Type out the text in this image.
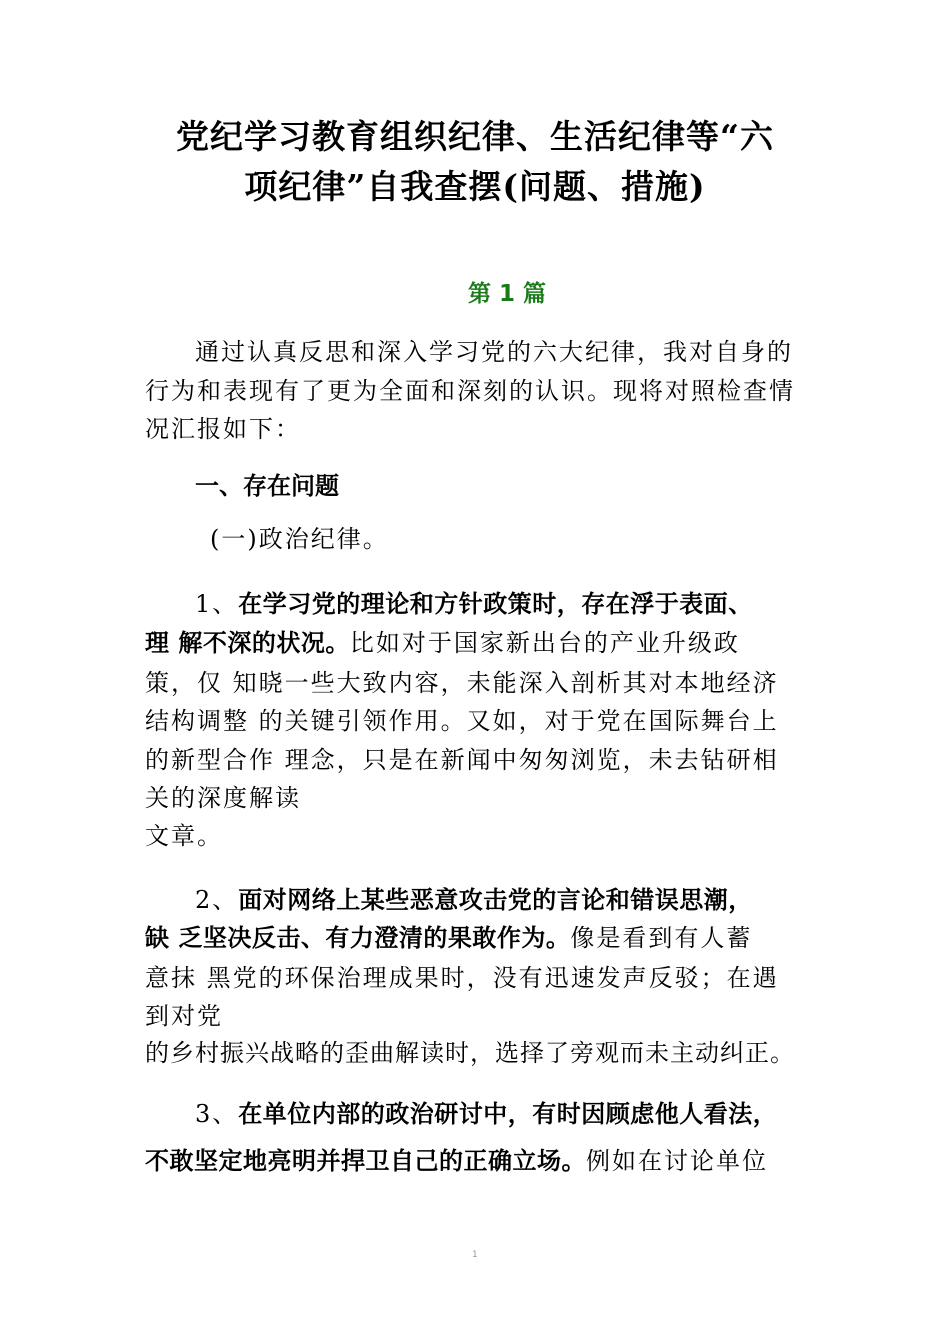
党纪学习教育组织纪律、生活纪律等“六
项纪律”自我查摆(问题、措施)
第 1 篇
通过认真反思和深入学习党的六大纪律，我对自身的
行为和表现有了更为全面和深刻的认识。现将对照检查情
况汇报如下：
一、存在问题
(一)政治纪律。
1、在学习党的理论和方针政策时，存在浮于表面、
理 解不深的状况。比如对于国家新出台的产业升级政
策，仅 知晓一些大致内容，未能深入剖析其对本地经济
结构调整 的关键引领作用。又如，对于党在国际舞台上
的新型合作 理念，只是在新闻中匆匆浏览，未去钻研相
关的深度解读
文章。
2、面对网络上某些恶意攻击党的言论和错误思潮，
缺 乏坚决反击、有力澄清的果敢作为。像是看到有人蓄
意抹 黑党的环保治理成果时，没有迅速发声反驳；在遇
到对党
的乡村振兴战略的歪曲解读时，选择了旁观而未主动纠正。
3、在单位内部的政治研讨中，有时因顾虑他人看法，
不敢坚定地亮明并捍卫自己的正确立场。例如在讨论单位
1
